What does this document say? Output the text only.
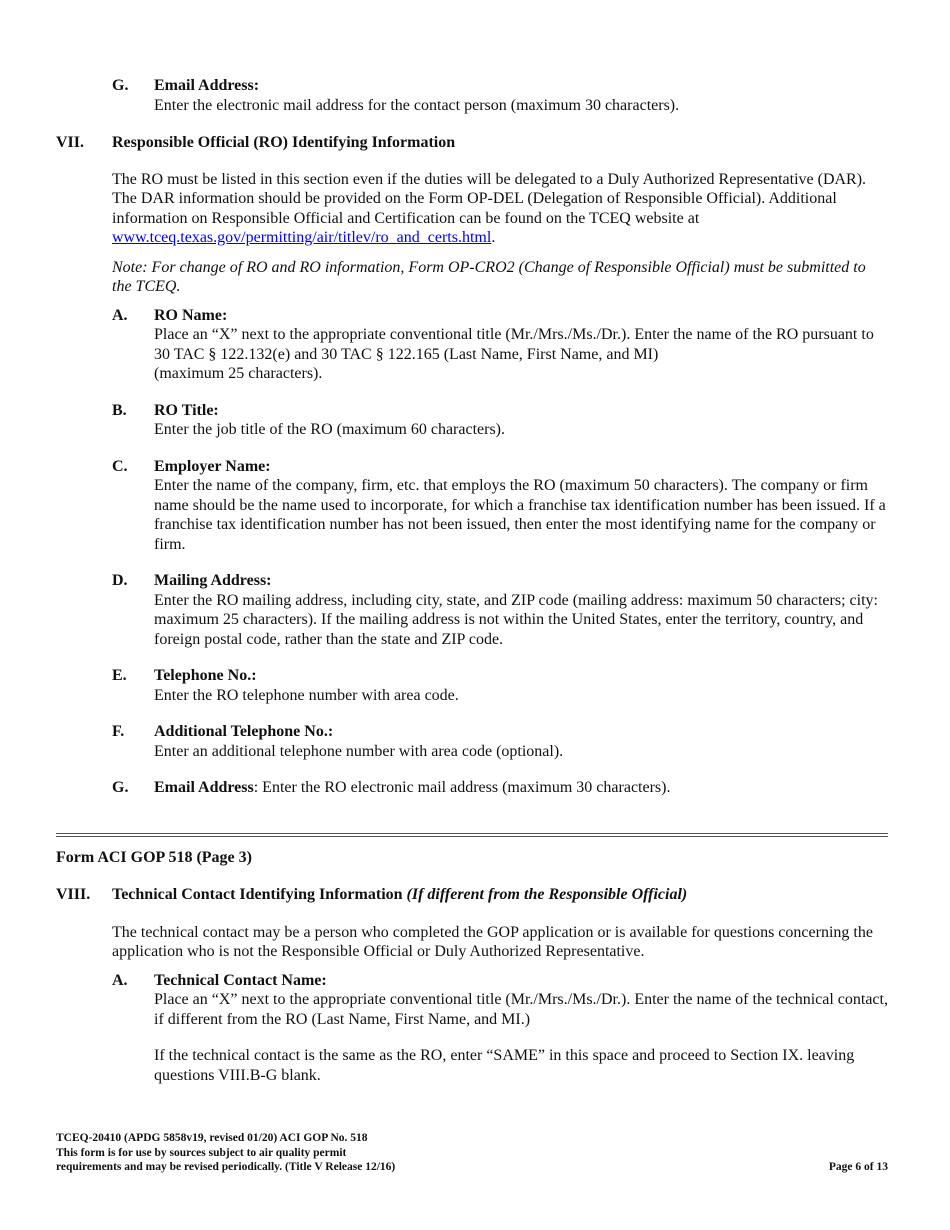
G. Email Address:
Enter the electronic mail address for the contact person (maximum 30 characters).
VII. Responsible Official (RO) Identifying Information
The RO must be listed in this section even if the duties will be delegated to a Duly Authorized Representative (DAR). The DAR information should be provided on the Form OP-DEL (Delegation of Responsible Official). Additional information on Responsible Official and Certification can be found on the TCEQ website at www.tceq.texas.gov/permitting/air/titlev/ro_and_certs.html.
Note: For change of RO and RO information, Form OP-CRO2 (Change of Responsible Official) must be submitted to the TCEQ.
A. RO Name:
Place an “X” next to the appropriate conventional title (Mr./Mrs./Ms./Dr.). Enter the name of the RO pursuant to 30 TAC § 122.132(e) and 30 TAC § 122.165 (Last Name, First Name, and MI)
(maximum 25 characters).
B. RO Title:
Enter the job title of the RO (maximum 60 characters).
C. Employer Name:
Enter the name of the company, firm, etc. that employs the RO (maximum 50 characters). The company or firm name should be the name used to incorporate, for which a franchise tax identification number has been issued. If a franchise tax identification number has not been issued, then enter the most identifying name for the company or firm.
D. Mailing Address:
Enter the RO mailing address, including city, state, and ZIP code (mailing address: maximum 50 characters; city: maximum 25 characters). If the mailing address is not within the United States, enter the territory, country, and foreign postal code, rather than the state and ZIP code.
E. Telephone No.:
Enter the RO telephone number with area code.
F. Additional Telephone No.:
Enter an additional telephone number with area code (optional).
G. Email Address: Enter the RO electronic mail address (maximum 30 characters).
Form ACI GOP 518 (Page 3)
VIII. Technical Contact Identifying Information (If different from the Responsible Official)
The technical contact may be a person who completed the GOP application or is available for questions concerning the application who is not the Responsible Official or Duly Authorized Representative.
A. Technical Contact Name:
Place an “X” next to the appropriate conventional title (Mr./Mrs./Ms./Dr.). Enter the name of the technical contact, if different from the RO (Last Name, First Name, and MI.)
If the technical contact is the same as the RO, enter “SAME” in this space and proceed to Section IX. leaving questions VIII.B-G blank.
TCEQ-20410 (APDG 5858v19, revised 01/20) ACI GOP No. 518
This form is for use by sources subject to air quality permit
requirements and may be revised periodically. (Title V Release 12/16)	Page 6 of 13
